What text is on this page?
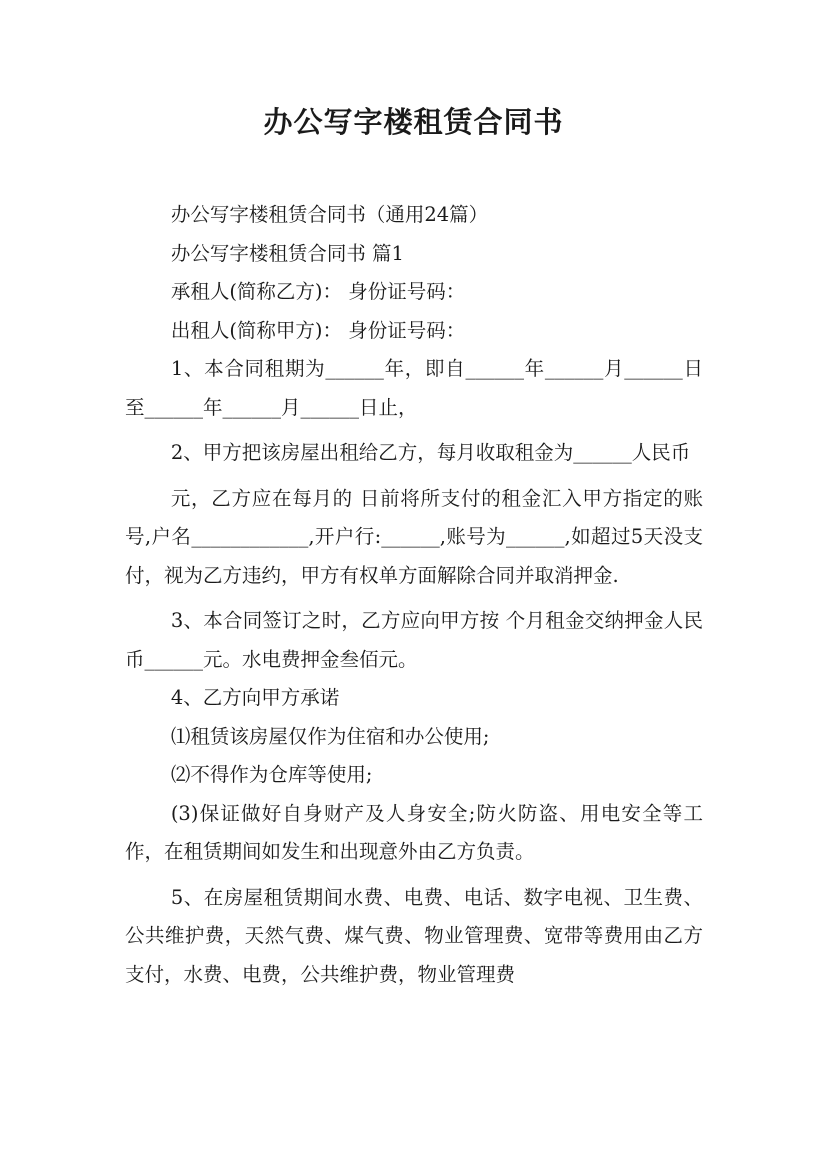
办公写字楼租赁合同书

办公写字楼租赁合同书（通用24篇）

办公写字楼租赁合同书 篇1

承租人(简称乙方)： 身份证号码：

出租人(简称甲方)： 身份证号码：

1、本合同租期为______年，即自______年______月______日至______年______月______日止，

2、甲方把该房屋出租给乙方，每月收取租金为______人民币

元，乙方应在每月的 日前将所支付的租金汇入甲方指定的账号,户名____________,开户行:______,账号为______,如超过5天没支付，视为乙方违约，甲方有权单方面解除合同并取消押金.

3、本合同签订之时，乙方应向甲方按 个月租金交纳押金人民币______元。水电费押金叁佰元。

4、乙方向甲方承诺

⑴租赁该房屋仅作为住宿和办公使用;

⑵不得作为仓库等使用;

(3)保证做好自身财产及人身安全;防火防盗、用电安全等工作，在租赁期间如发生和出现意外由乙方负责。

5、在房屋租赁期间水费、电费、电话、数字电视、卫生费、公共维护费，天然气费、煤气费、物业管理费、宽带等费用由乙方支付，水费、电费，公共维护费，物业管理费
